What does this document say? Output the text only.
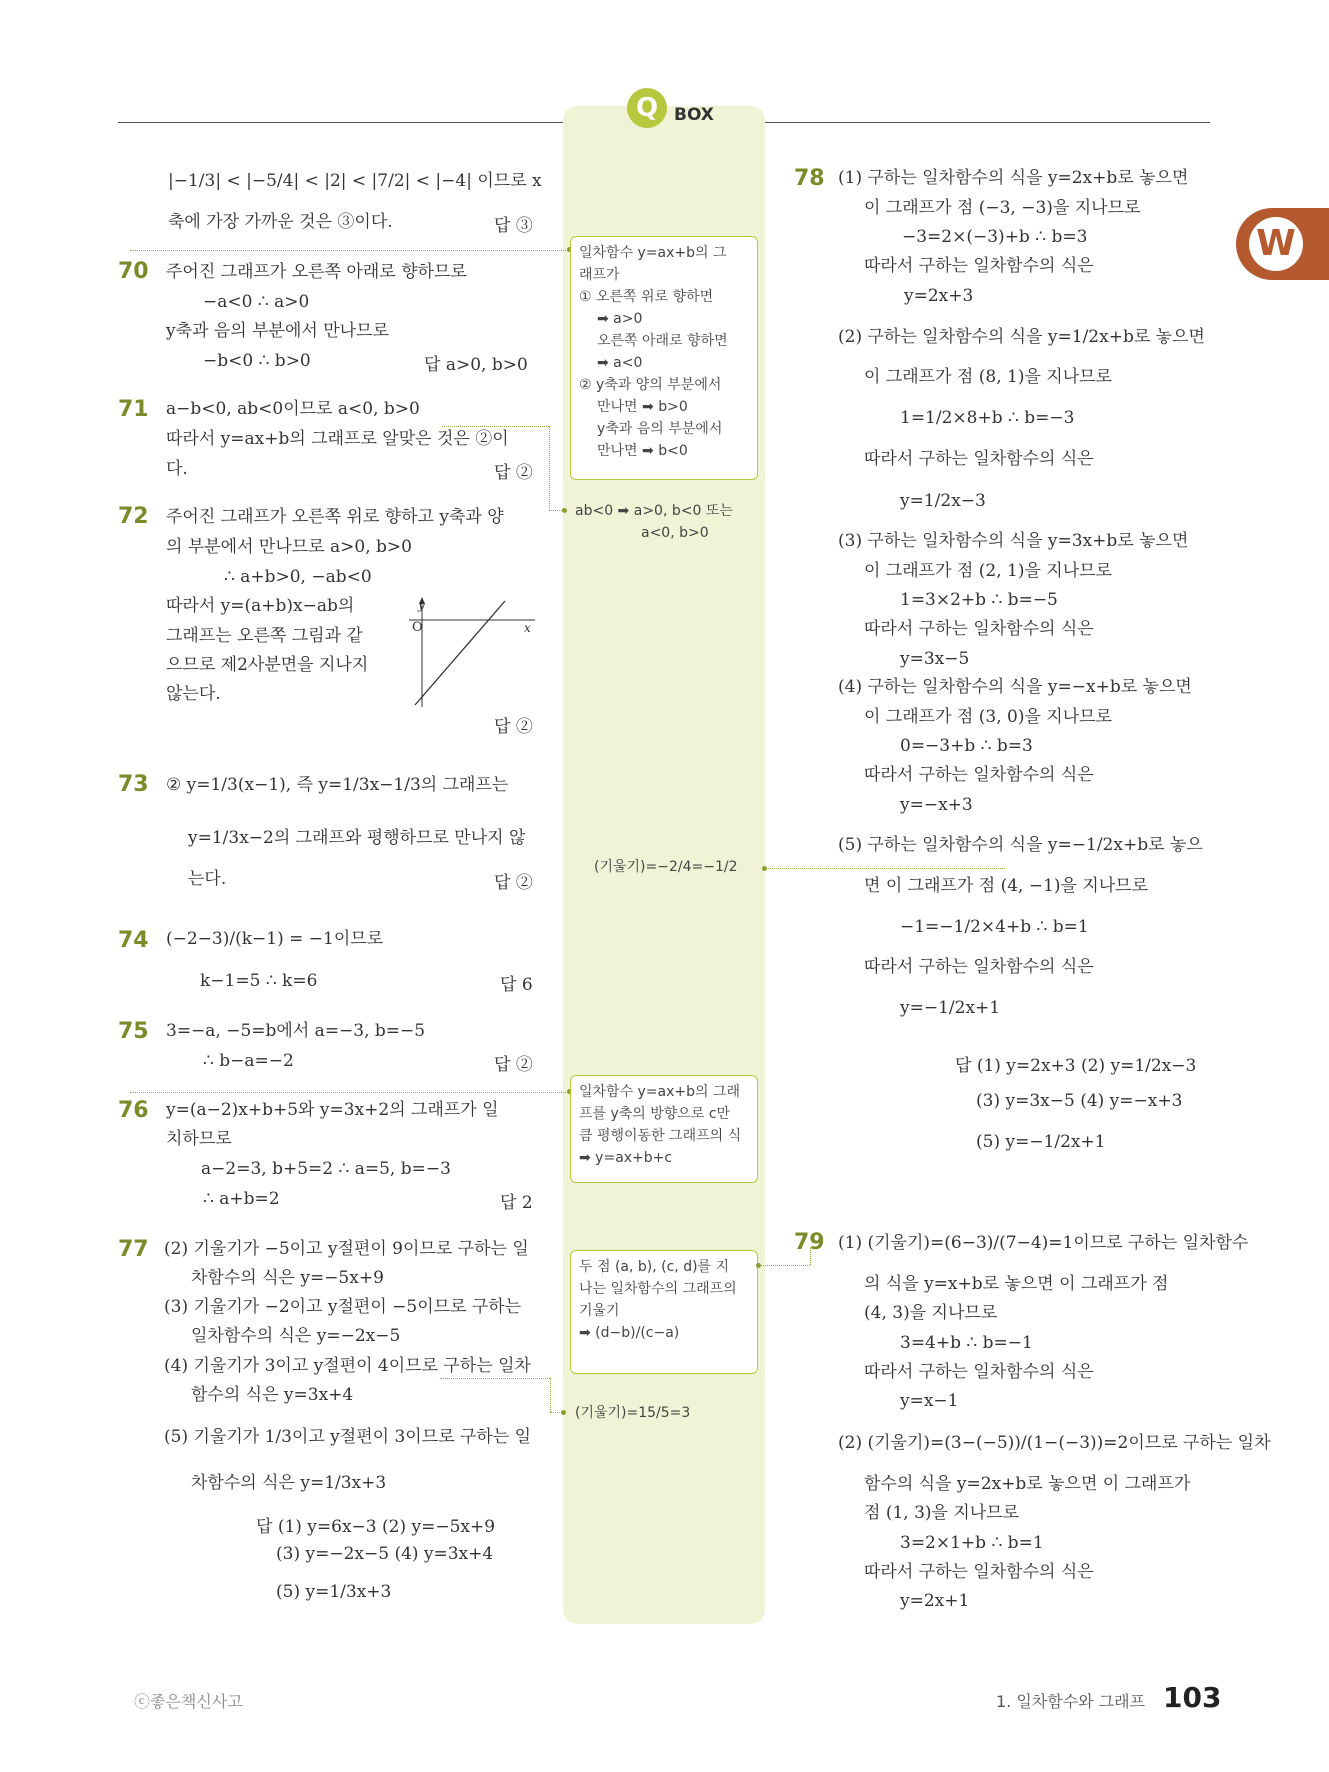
Q BOX
W
|−1/3| < |−5/4| < |2| < |7/2| < |−4| 이므로 x
축에 가장 가까운 것은 ③이다.	답 ③
70 주어진 그래프가 오른쪽 아래로 향하므로
−a<0 ∴ a>0
y축과 음의 부분에서 만나므로
−b<0 ∴ b>0	답 a>0, b>0
71 a−b<0, ab<0이므로 a<0, b>0
따라서 y=ax+b의 그래프로 알맞은 것은 ②이
다.	답 ②
72 주어진 그래프가 오른쪽 위로 향하고 y축과 양
의 부분에서 만나므로 a>0, b>0
∴ a+b>0, −ab<0
따라서 y=(a+b)x−ab의
그래프는 오른쪽 그림과 같
으므로 제2사분면을 지나지
않는다.
y
O	x
답 ②
73 ② y=1/3(x−1), 즉 y=1/3x−1/3의 그래프는
y=1/3x−2의 그래프와 평행하므로 만나지 않
는다.	답 ②
74 (−2−3)/(k−1) = −1이므로
k−1=5 ∴ k=6	답 6
75 3=−a, −5=b에서 a=−3, b=−5
∴ b−a=−2	답 ②
76 y=(a−2)x+b+5와 y=3x+2의 그래프가 일
치하므로
a−2=3, b+5=2 ∴ a=5, b=−3
∴ a+b=2	답 2
77 (2) 기울기가 −5이고 y절편이 9이므로 구하는 일
차함수의 식은 y=−5x+9
(3) 기울기가 −2이고 y절편이 −5이므로 구하는
일차함수의 식은 y=−2x−5
(4) 기울기가 3이고 y절편이 4이므로 구하는 일차
함수의 식은 y=3x+4
(5) 기울기가 1/3이고 y절편이 3이므로 구하는 일
차함수의 식은 y=1/3x+3
답 (1) y=6x−3 (2) y=−5x+9
(3) y=−2x−5 (4) y=3x+4
(5) y=1/3x+3
일차함수 y=ax+b의 그
래프가
① 오른쪽 위로 향하면
➡ a>0
오른쪽 아래로 향하면
➡ a<0
② y축과 양의 부분에서
만나면 ➡ b>0
y축과 음의 부분에서
만나면 ➡ b<0
ab<0 ➡ a>0, b<0 또는
a<0, b>0
(기울기)=−2/4=−1/2
일차함수 y=ax+b의 그래
프를 y축의 방향으로 c만
큼 평행이동한 그래프의 식
➡ y=ax+b+c
두 점 (a, b), (c, d)를 지
나는 일차함수의 그래프의
기울기
➡ (d−b)/(c−a)
(기울기)=15/5=3
78 (1) 구하는 일차함수의 식을 y=2x+b로 놓으면
이 그래프가 점 (−3, −3)을 지나므로
−3=2×(−3)+b ∴ b=3
따라서 구하는 일차함수의 식은
y=2x+3
(2) 구하는 일차함수의 식을 y=1/2x+b로 놓으면
이 그래프가 점 (8, 1)을 지나므로
1=1/2×8+b ∴ b=−3
따라서 구하는 일차함수의 식은
y=1/2x−3
(3) 구하는 일차함수의 식을 y=3x+b로 놓으면
이 그래프가 점 (2, 1)을 지나므로
1=3×2+b ∴ b=−5
따라서 구하는 일차함수의 식은
y=3x−5
(4) 구하는 일차함수의 식을 y=−x+b로 놓으면
이 그래프가 점 (3, 0)을 지나므로
0=−3+b ∴ b=3
따라서 구하는 일차함수의 식은
y=−x+3
(5) 구하는 일차함수의 식을 y=−1/2x+b로 놓으
면 이 그래프가 점 (4, −1)을 지나므로
−1=−1/2×4+b ∴ b=1
따라서 구하는 일차함수의 식은
y=−1/2x+1
답 (1) y=2x+3 (2) y=1/2x−3
(3) y=3x−5 (4) y=−x+3
(5) y=−1/2x+1
79 (1) (기울기)=(6−3)/(7−4)=1이므로 구하는 일차함수
의 식을 y=x+b로 놓으면 이 그래프가 점
(4, 3)을 지나므로
3=4+b ∴ b=−1
따라서 구하는 일차함수의 식은
y=x−1
(2) (기울기)=(3−(−5))/(1−(−3))=2이므로 구하는 일차
함수의 식을 y=2x+b로 놓으면 이 그래프가
점 (1, 3)을 지나므로
3=2×1+b ∴ b=1
따라서 구하는 일차함수의 식은
y=2x+1
ⓒ좋은책신사고	1. 일차함수와 그래프 103
